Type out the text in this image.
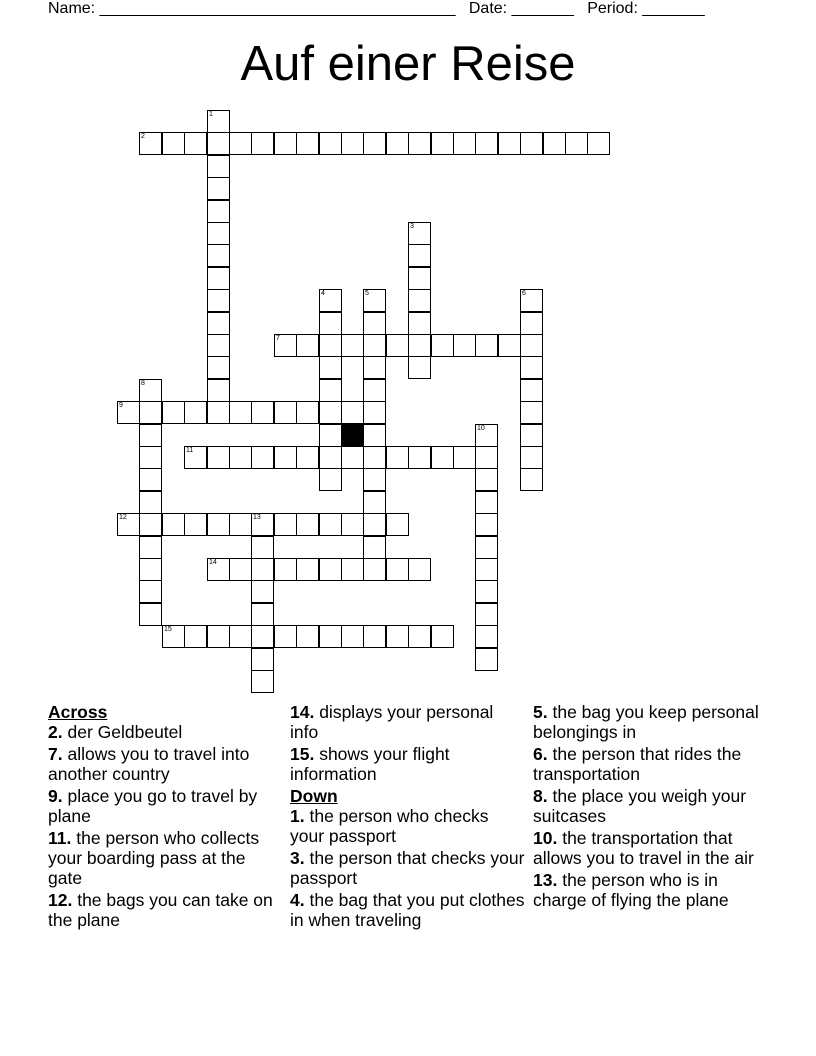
Name: ________________________________________ Date: _______ Period: _______
Auf einer Reise
1
2
3
4	5	6
7
8
9
10
11
12	13
14
15
Across
2. der Geldbeutel
7. allows you to travel into another country
9. place you go to travel by plane
11. the person who collects your boarding pass at the gate
12. the bags you can take on the plane
14. displays your personal info
15. shows your flight information
Down
1. the person who checks your passport
3. the person that checks your passport
4. the bag that you put clothes in when traveling
5. the bag you keep personal belongings in
6. the person that rides the transportation
8. the place you weigh your suitcases
10. the transportation that allows you to travel in the air
13. the person who is in charge of flying the plane
